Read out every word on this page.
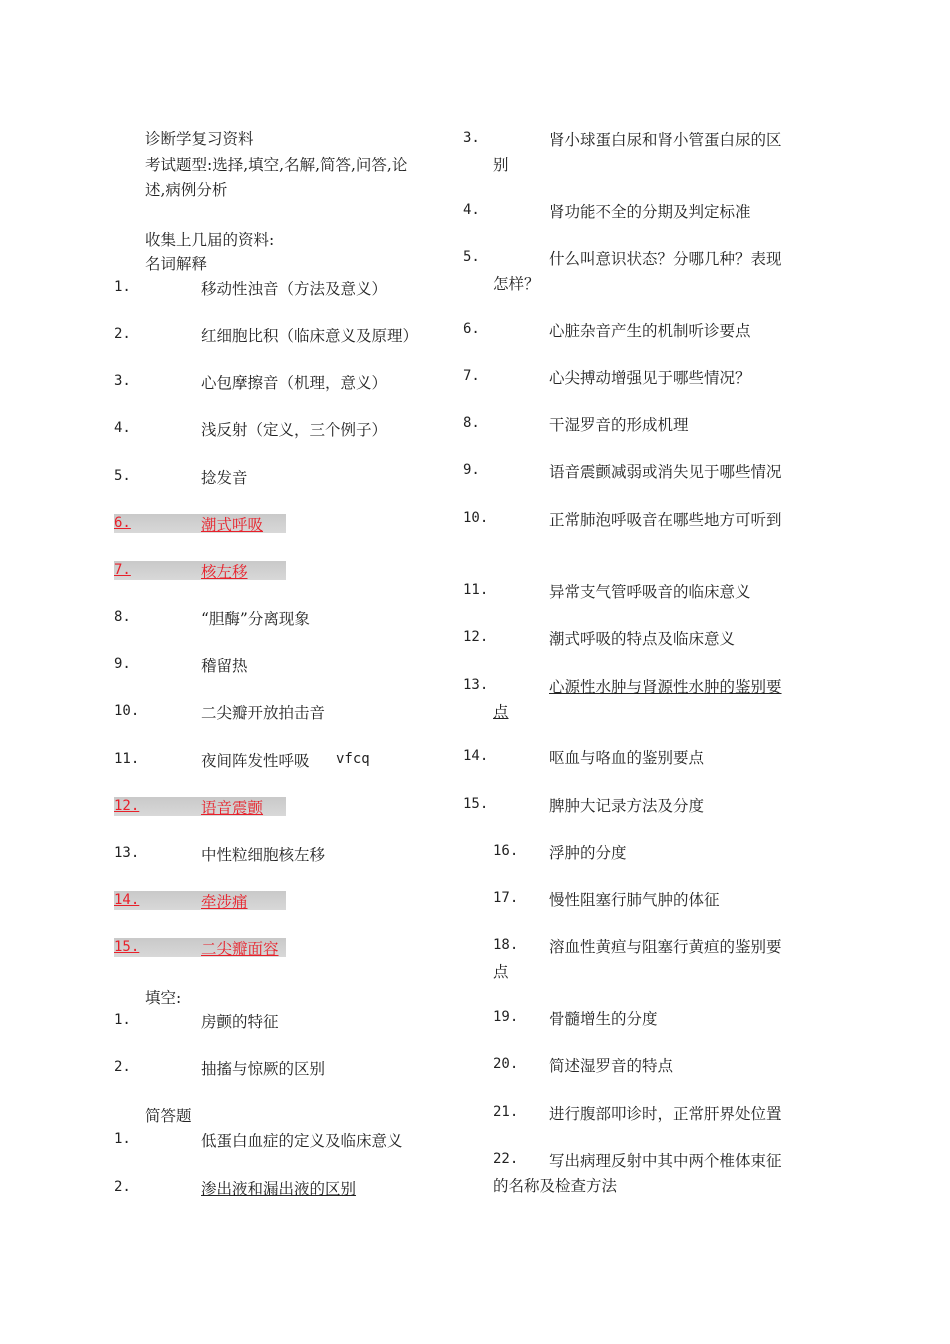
诊断学复习资料
考试题型:选择,填空,名解,简答,问答,论
述,病例分析
收集上几届的资料:
名词解释
1.	移动性浊音（方法及意义）
2.	红细胞比积（临床意义及原理）
3.	心包摩擦音（机理，意义）
4.	浅反射（定义，三个例子）
5.	捻发音
6.	潮式呼吸
7.	核左移
8.	“胆酶”分离现象
9.	稽留热
10.	二尖瓣开放拍击音
11.	夜间阵发性呼吸 vfcq
12.	语音震颤
13.	中性粒细胞核左移
14.	牵涉痛
15.	二尖瓣面容
填空:
1.	房颤的特征
2.	抽搐与惊厥的区别
简答题
1.	低蛋白血症的定义及临床意义
2.	渗出液和漏出液的区别
3.	肾小球蛋白尿和肾小管蛋白尿的区
别
4.	肾功能不全的分期及判定标准
5.	什么叫意识状态？分哪几种？表现
怎样？
6.	心脏杂音产生的机制听诊要点
7.	心尖搏动增强见于哪些情况？
8.	干湿罗音的形成机理
9.	语音震颤减弱或消失见于哪些情况
10.	正常肺泡呼吸音在哪些地方可听到
11.	异常支气管呼吸音的临床意义
12.	潮式呼吸的特点及临床意义
13.	心源性水肿与肾源性水肿的鉴别要
点
14.	呕血与咯血的鉴别要点
15.	脾肿大记录方法及分度
16. 浮肿的分度
17. 慢性阻塞行肺气肿的体征
18. 溶血性黄疸与阻塞行黄疸的鉴别要
点
19. 骨髓增生的分度
20. 简述湿罗音的特点
21. 进行腹部叩诊时，正常肝界处位置
22. 写出病理反射中其中两个椎体束征
的名称及检查方法
